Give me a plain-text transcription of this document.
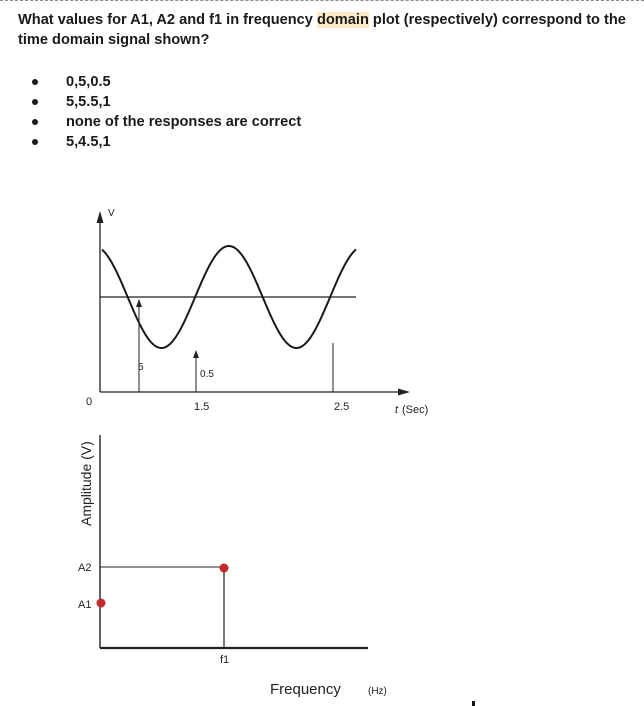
What values for A1, A2 and f1 in frequency domain plot (respectively) correspond to the time domain signal shown?
0,5,0.5
5,5.5,1
none of the responses are correct
5,4.5,1
V
t (Sec)
0
5
0.5
1.5	2.5
Amplitude (V)
A2
A1
f1
Frequency	(Hz)
